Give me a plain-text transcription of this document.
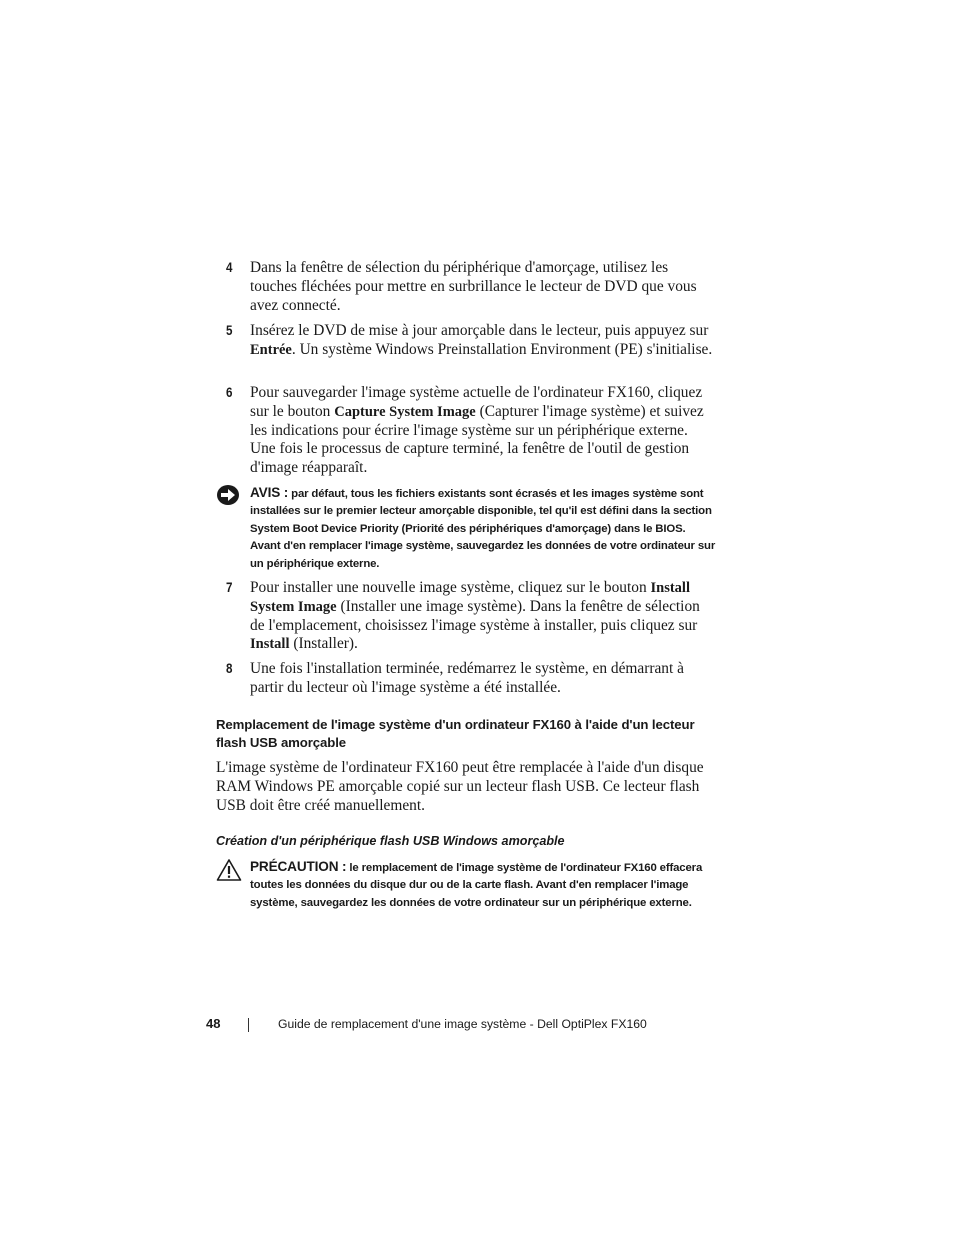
4 Dans la fenêtre de sélection du périphérique d'amorçage, utilisez les touches fléchées pour mettre en surbrillance le lecteur de DVD que vous avez connecté.
5 Insérez le DVD de mise à jour amorçable dans le lecteur, puis appuyez sur Entrée. Un système Windows Preinstallation Environment (PE) s'initialise.
6 Pour sauvegarder l'image système actuelle de l'ordinateur FX160, cliquez sur le bouton Capture System Image (Capturer l'image système) et suivez les indications pour écrire l'image système sur un périphérique externe. Une fois le processus de capture terminé, la fenêtre de l'outil de gestion d'image réapparaît.
AVIS : par défaut, tous les fichiers existants sont écrasés et les images système sont installées sur le premier lecteur amorçable disponible, tel qu'il est défini dans la section System Boot Device Priority (Priorité des périphériques d'amorçage) dans le BIOS. Avant d'en remplacer l'image système, sauvegardez les données de votre ordinateur sur un périphérique externe.
7 Pour installer une nouvelle image système, cliquez sur le bouton Install System Image (Installer une image système). Dans la fenêtre de sélection de l'emplacement, choisissez l'image système à installer, puis cliquez sur Install (Installer).
8 Une fois l'installation terminée, redémarrez le système, en démarrant à partir du lecteur où l'image système a été installée.
Remplacement de l'image système d'un ordinateur FX160 à l'aide d'un lecteur flash USB amorçable
L'image système de l'ordinateur FX160 peut être remplacée à l'aide d'un disque RAM Windows PE amorçable copié sur un lecteur flash USB. Ce lecteur flash USB doit être créé manuellement.
Création d'un périphérique flash USB Windows amorçable
PRÉCAUTION : le remplacement de l'image système de l'ordinateur FX160 effacera toutes les données du disque dur ou de la carte flash. Avant d'en remplacer l'image système, sauvegardez les données de votre ordinateur sur un périphérique externe.
48	Guide de remplacement d'une image système - Dell OptiPlex FX160
